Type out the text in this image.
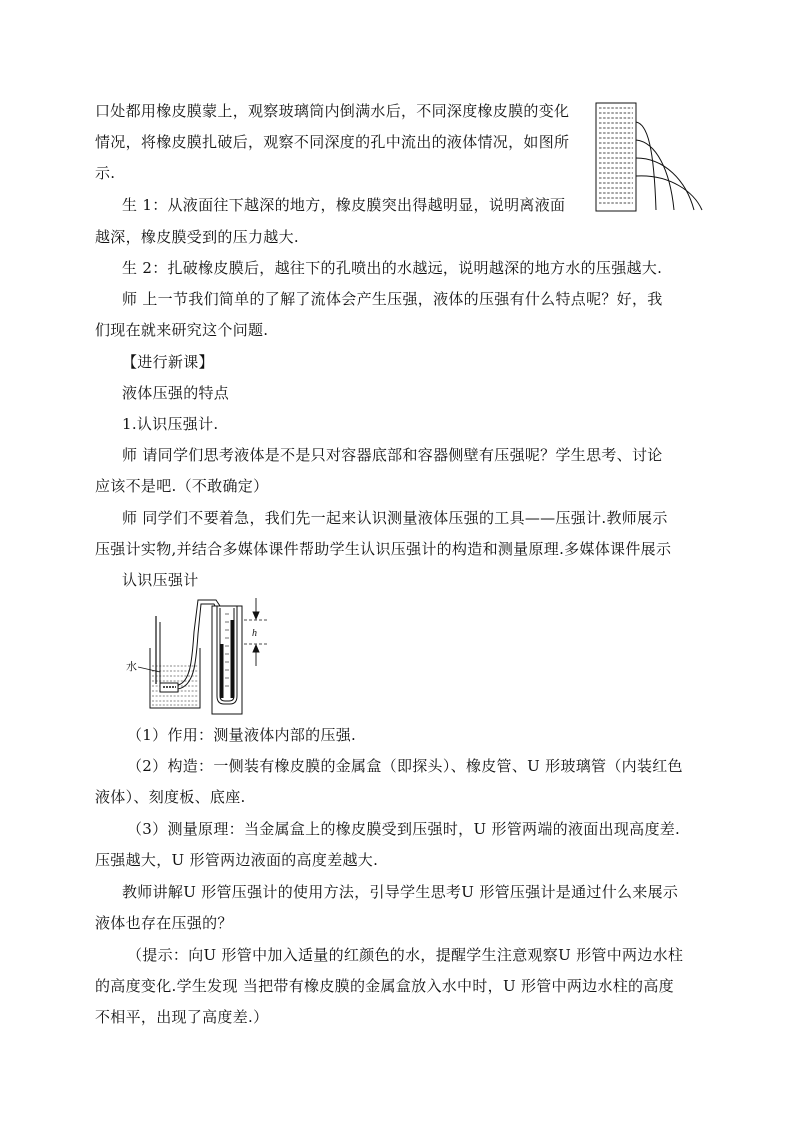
口处都用橡皮膜蒙上，观察玻璃筒内倒满水后，不同深度橡皮膜的变化
情况，将橡皮膜扎破后，观察不同深度的孔中流出的液体情况，如图所
示.
生 1：从液面往下越深的地方，橡皮膜突出得越明显，说明离液面
越深，橡皮膜受到的压力越大.
生 2：扎破橡皮膜后，越往下的孔喷出的水越远，说明越深的地方水的压强越大.
师 上一节我们简单的了解了流体会产生压强，液体的压强有什么特点呢？好，我
们现在就来研究这个问题.
【进行新课】
液体压强的特点
1.认识压强计.
师 请同学们思考液体是不是只对容器底部和容器侧壁有压强呢？学生思考、讨论
应该不是吧.（不敢确定）
师 同学们不要着急，我们先一起来认识测量液体压强的工具——压强计.教师展示
压强计实物,并结合多媒体课件帮助学生认识压强计的构造和测量原理.多媒体课件展示
认识压强计
（1）作用：测量液体内部的压强.
（2）构造：一侧装有橡皮膜的金属盒（即探头）、橡皮管、U 形玻璃管（内装红色
液体）、刻度板、底座.
（3）测量原理：当金属盒上的橡皮膜受到压强时，U 形管两端的液面出现高度差.
压强越大，U 形管两边液面的高度差越大.
教师讲解U 形管压强计的使用方法，引导学生思考U 形管压强计是通过什么来展示
液体也存在压强的？
（提示：向U 形管中加入适量的红颜色的水，提醒学生注意观察U 形管中两边水柱
的高度变化.学生发现 当把带有橡皮膜的金属盒放入水中时，U 形管中两边水柱的高度
不相平，出现了高度差.）
水
h
